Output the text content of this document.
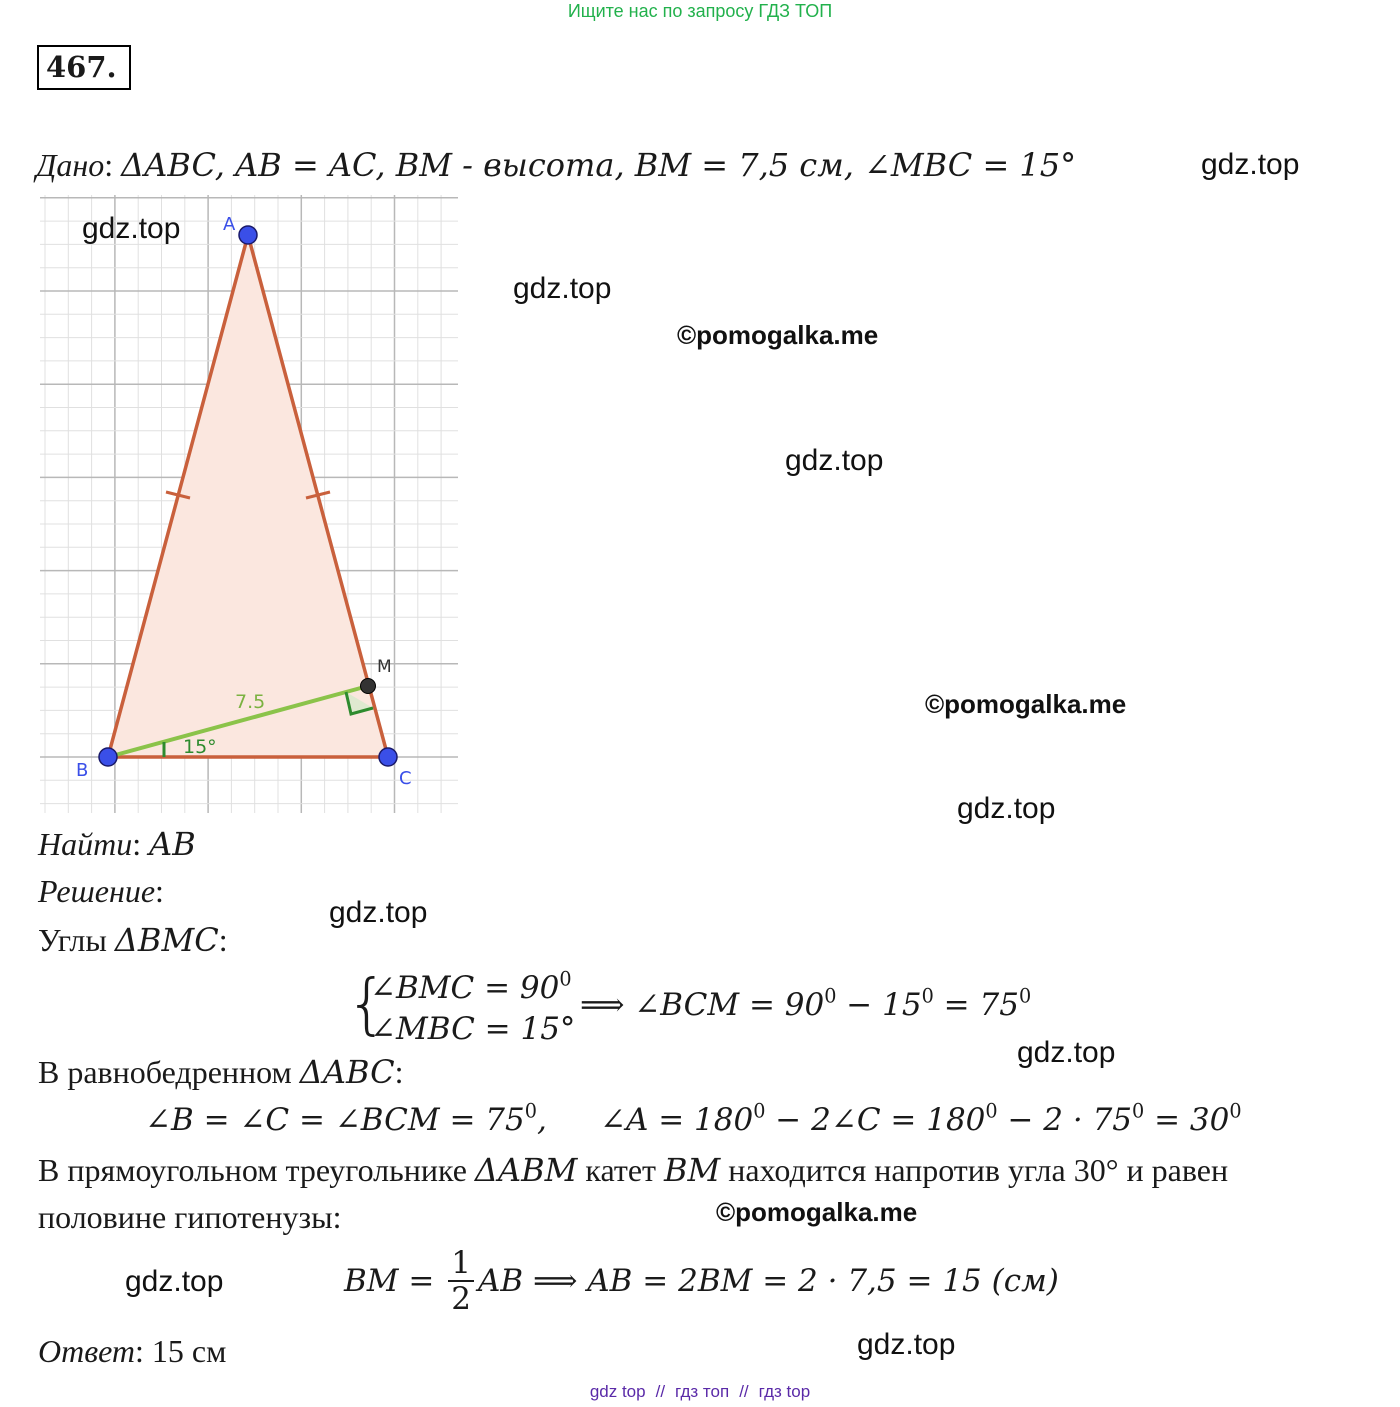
Ищите нас по запросу ГДЗ ТОП
467.
Дано: ΔABC, AB = AC, BM - высота, BM = 7,5 см, ∠MBC = 15°
7.5
15°
A
B	C
M
Найти: AB
Решение:
Углы ΔBMC:
{
∠BMC = $90^0$
∠MBC = 15°
⟹ ∠BCM = $90^0 - 15^0 = 75^0$
В равнобедренном ΔABC:
∠B = ∠C = ∠BCM = $75^0$, ∠A = $180^0$ − 2∠C = $180^0 - 2 \cdot 75^0 = 30^0$
В прямоугольном треугольнике ΔABM катет BM находится напротив угла 30° и равен
половине гипотенузы:
BM = $\frac{1}{2}$ AB ⟹ AB = 2BM = 2 · 7,5 = 15 (см)
Ответ: 15 см
gdz.top
gdz.top
gdz.top
©pomogalka.me
gdz.top
©pomogalka.me
gdz.top
gdz.top
gdz.top
©pomogalka.me
gdz.top
gdz.top
gdz top // гдз топ // гдз top
